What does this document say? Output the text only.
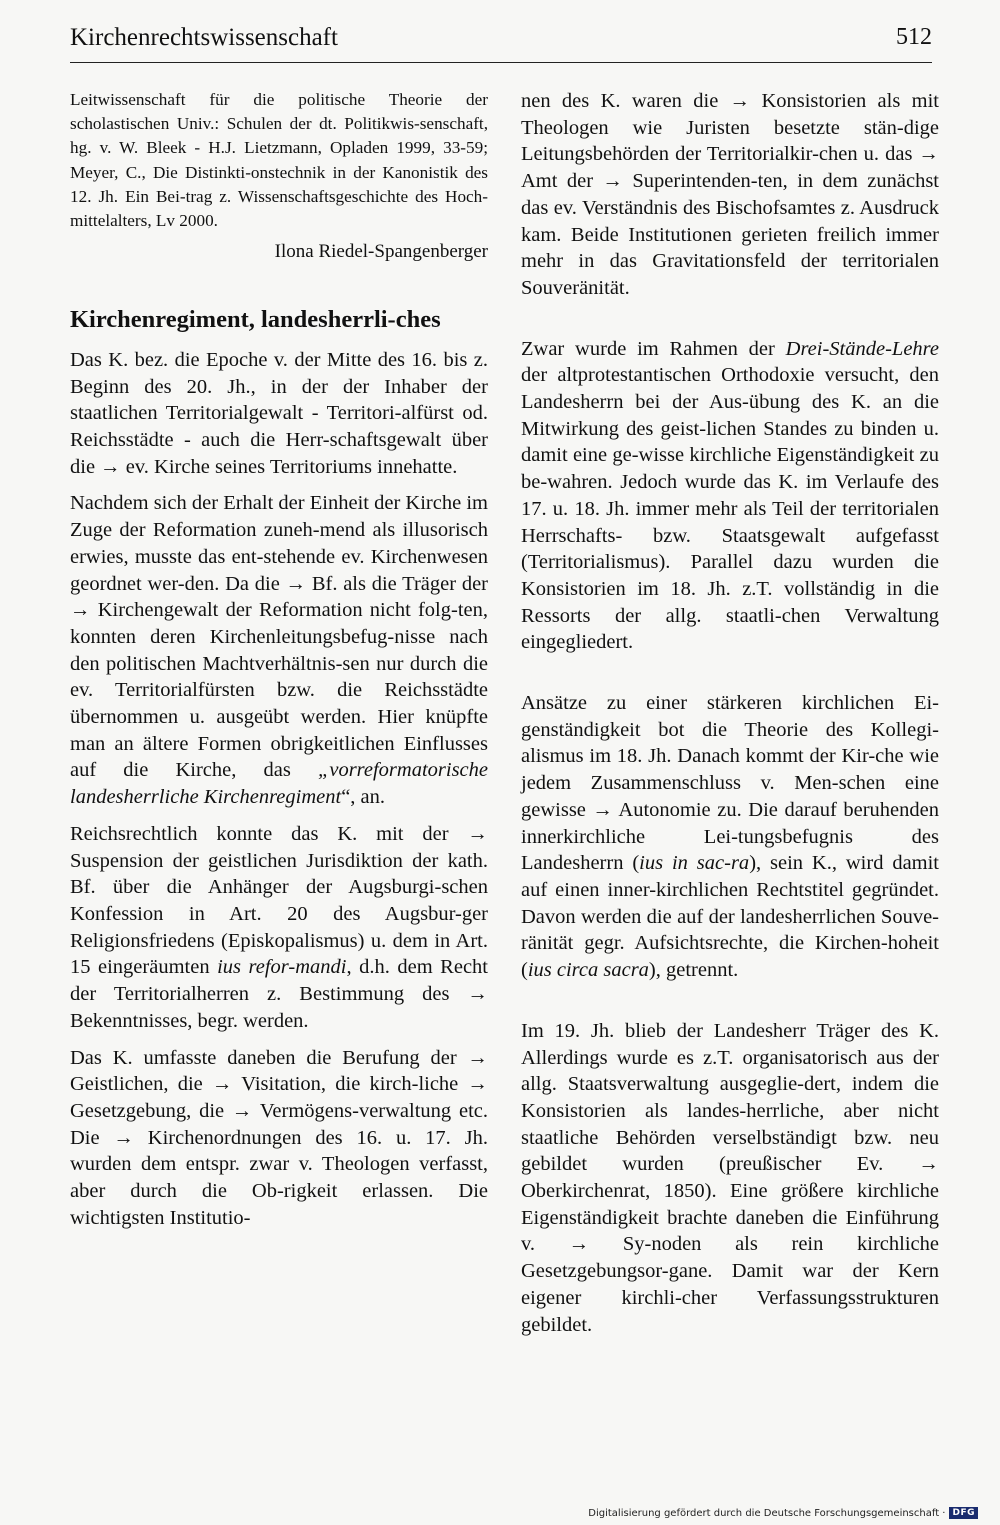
Kirchenrechtswissenschaft	512

Leitwissenschaft für die politische Theorie der scholastischen Univ.: Schulen der dt. Politikwis-senschaft, hg. v. W. Bleek - H.J. Lietzmann, Opladen 1999, 33-59; Meyer, C., Die Distinkti-onstechnik in der Kanonistik des 12. Jh. Ein Bei-trag z. Wissenschaftsgeschichte des Hoch-mittelalters, Lv 2000.

Ilona Riedel-Spangenberger
Kirchenregiment, landesherrli-ches

Das K. bez. die Epoche v. der Mitte des 16. bis z. Beginn des 20. Jh., in der der Inhaber der staatlichen Territorialgewalt - Territori-alfürst od. Reichsstädte - auch die Herr-schaftsgewalt über die → ev. Kirche seines Territoriums innehatte.

Nachdem sich der Erhalt der Einheit der Kirche im Zuge der Reformation zuneh-mend als illusorisch erwies, musste das ent-stehende ev. Kirchenwesen geordnet wer-den. Da die → Bf. als die Träger der → Kirchengewalt der Reformation nicht folg-ten, konnten deren Kirchenleitungsbefug-nisse nach den politischen Machtverhältnis-sen nur durch die ev. Territorialfürsten bzw. die Reichsstädte übernommen u. ausgeübt werden. Hier knüpfte man an ältere Formen obrigkeitlichen Einflusses auf die Kirche, das „vorreformatorische landesherrliche Kirchenregiment“, an.

Reichsrechtlich konnte das K. mit der → Suspension der geistlichen Jurisdiktion der kath. Bf. über die Anhänger der Augsburgi-schen Konfession in Art. 20 des Augsbur-ger Religionsfriedens (Episkopalismus) u. dem in Art. 15 eingeräumten ius refor-mandi, d.h. dem Recht der Territorialherren z. Bestimmung des → Bekenntnisses, begr. werden.

Das K. umfasste daneben die Berufung der → Geistlichen, die → Visitation, die kirch-liche → Gesetzgebung, die → Vermögens-verwaltung etc. Die → Kirchenordnungen des 16. u. 17. Jh. wurden dem entspr. zwar v. Theologen verfasst, aber durch die Ob-rigkeit erlassen. Die wichtigsten Institutio-

nen des K. waren die → Konsistorien als mit Theologen wie Juristen besetzte stän-dige Leitungsbehörden der Territorialkir-chen u. das → Amt der → Superintenden-ten, in dem zunächst das ev. Verständnis des Bischofsamtes z. Ausdruck kam. Beide Institutionen gerieten freilich immer mehr in das Gravitationsfeld der territorialen Souveränität.

Zwar wurde im Rahmen der Drei-Stände-Lehre der altprotestantischen Orthodoxie versucht, den Landesherrn bei der Aus-übung des K. an die Mitwirkung des geist-lichen Standes zu binden u. damit eine ge-wisse kirchliche Eigenständigkeit zu be-wahren. Jedoch wurde das K. im Verlaufe des 17. u. 18. Jh. immer mehr als Teil der territorialen Herrschafts- bzw. Staatsgewalt aufgefasst (Territorialismus). Parallel dazu wurden die Konsistorien im 18. Jh. z.T. vollständig in die Ressorts der allg. staatli-chen Verwaltung eingegliedert.

Ansätze zu einer stärkeren kirchlichen Ei-genständigkeit bot die Theorie des Kollegi-alismus im 18. Jh. Danach kommt der Kir-che wie jedem Zusammenschluss v. Men-schen eine gewisse → Autonomie zu. Die darauf beruhenden innerkirchliche Lei-tungsbefugnis des Landesherrn (ius in sac-ra), sein K., wird damit auf einen inner-kirchlichen Rechtstitel gegründet. Davon werden die auf der landesherrlichen Souve-ränität gegr. Aufsichtsrechte, die Kirchen-hoheit (ius circa sacra), getrennt.

Im 19. Jh. blieb der Landesherr Träger des K. Allerdings wurde es z.T. organisatorisch aus der allg. Staatsverwaltung ausgeglie-dert, indem die Konsistorien als landes-herrliche, aber nicht staatliche Behörden verselbständigt bzw. neu gebildet wurden (preußischer Ev. → Oberkirchenrat, 1850). Eine größere kirchliche Eigenständigkeit brachte daneben die Einführung v. → Sy-noden als rein kirchliche Gesetzgebungsor-gane. Damit war der Kern eigener kirchli-cher Verfassungsstrukturen gebildet.

Digitalisierung gefördert durch die Deutsche Forschungsgemeinschaft · DFG
